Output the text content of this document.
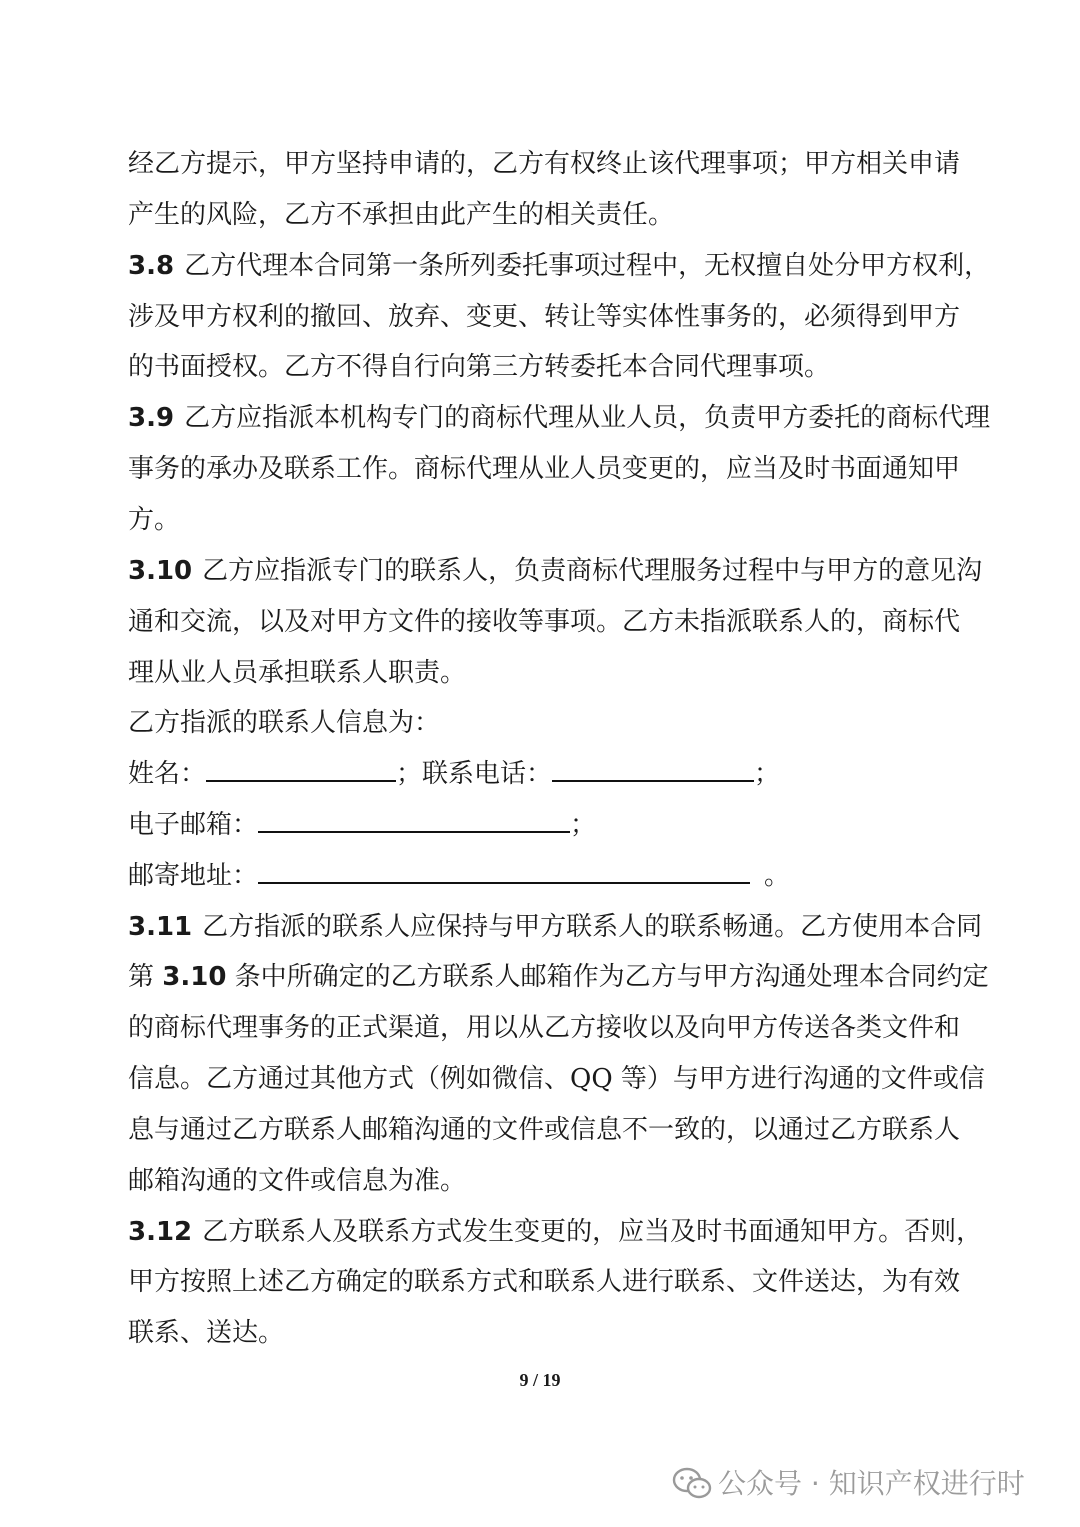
经乙方提示，甲方坚持申请的，乙方有权终止该代理事项；甲方相关申请
产生的风险，乙方不承担由此产生的相关责任。
3.8 乙方代理本合同第一条所列委托事项过程中，无权擅自处分甲方权利，
涉及甲方权利的撤回、放弃、变更、转让等实体性事务的，必须得到甲方
的书面授权。乙方不得自行向第三方转委托本合同代理事项。
3.9 乙方应指派本机构专门的商标代理从业人员，负责甲方委托的商标代理
事务的承办及联系工作。商标代理从业人员变更的，应当及时书面通知甲
方。
3.10 乙方应指派专门的联系人，负责商标代理服务过程中与甲方的意见沟
通和交流，以及对甲方文件的接收等事项。乙方未指派联系人的，商标代
理从业人员承担联系人职责。
乙方指派的联系人信息为：
姓名：	；联系电话：	；
电子邮箱：	；
邮寄地址：	。
3.11 乙方指派的联系人应保持与甲方联系人的联系畅通。乙方使用本合同
第 3.10 条中所确定的乙方联系人邮箱作为乙方与甲方沟通处理本合同约定
的商标代理事务的正式渠道，用以从乙方接收以及向甲方传送各类文件和
信息。乙方通过其他方式（例如微信、QQ 等）与甲方进行沟通的文件或信
息与通过乙方联系人邮箱沟通的文件或信息不一致的，以通过乙方联系人
邮箱沟通的文件或信息为准。
3.12 乙方联系人及联系方式发生变更的，应当及时书面通知甲方。否则，
甲方按照上述乙方确定的联系方式和联系人进行联系、文件送达，为有效
联系、送达。
9 / 19
公众号 · 知识产权进行时
